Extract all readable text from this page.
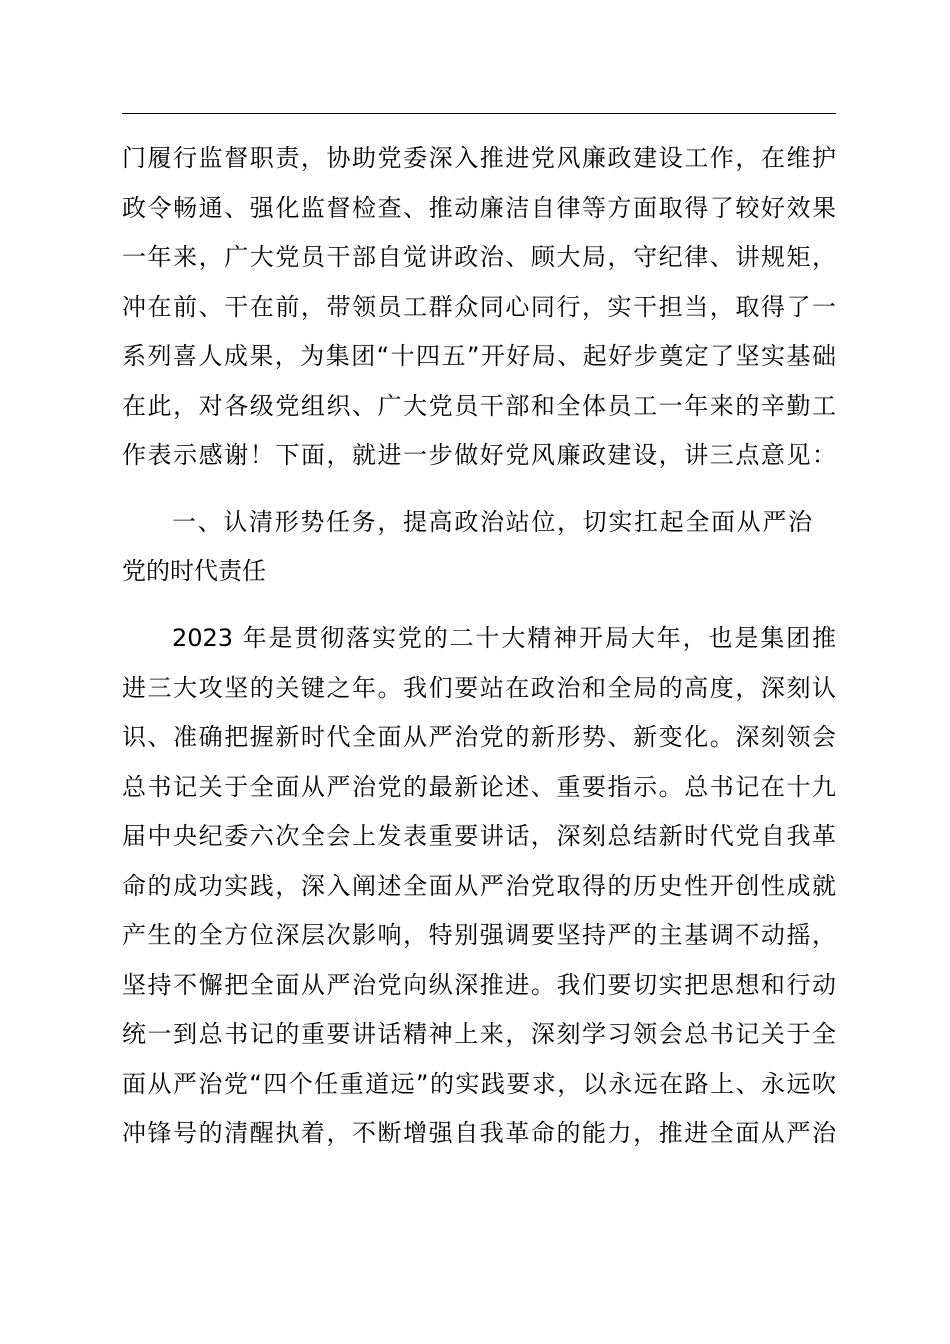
门履行监督职责，协助党委深入推进党风廉政建设工作，在维护
政令畅通、强化监督检查、推动廉洁自律等方面取得了较好效果
一年来，广大党员干部自觉讲政治、顾大局，守纪律、讲规矩，
冲在前、干在前，带领员工群众同心同行，实干担当，取得了一
系列喜人成果，为集团“十四五”开好局、起好步奠定了坚实基础
在此，对各级党组织、广大党员干部和全体员工一年来的辛勤工
作表示感谢！下面，就进一步做好党风廉政建设，讲三点意见：
一、认清形势任务，提高政治站位，切实扛起全面从严治
党的时代责任
2023 年是贯彻落实党的二十大精神开局大年，也是集团推
进三大攻坚的关键之年。我们要站在政治和全局的高度，深刻认
识、准确把握新时代全面从严治党的新形势、新变化。深刻领会
总书记关于全面从严治党的最新论述、重要指示。总书记在十九
届中央纪委六次全会上发表重要讲话，深刻总结新时代党自我革
命的成功实践，深入阐述全面从严治党取得的历史性开创性成就
产生的全方位深层次影响，特别强调要坚持严的主基调不动摇，
坚持不懈把全面从严治党向纵深推进。我们要切实把思想和行动
统一到总书记的重要讲话精神上来，深刻学习领会总书记关于全
面从严治党“四个任重道远”的实践要求，以永远在路上、永远吹
冲锋号的清醒执着，不断增强自我革命的能力，推进全面从严治
